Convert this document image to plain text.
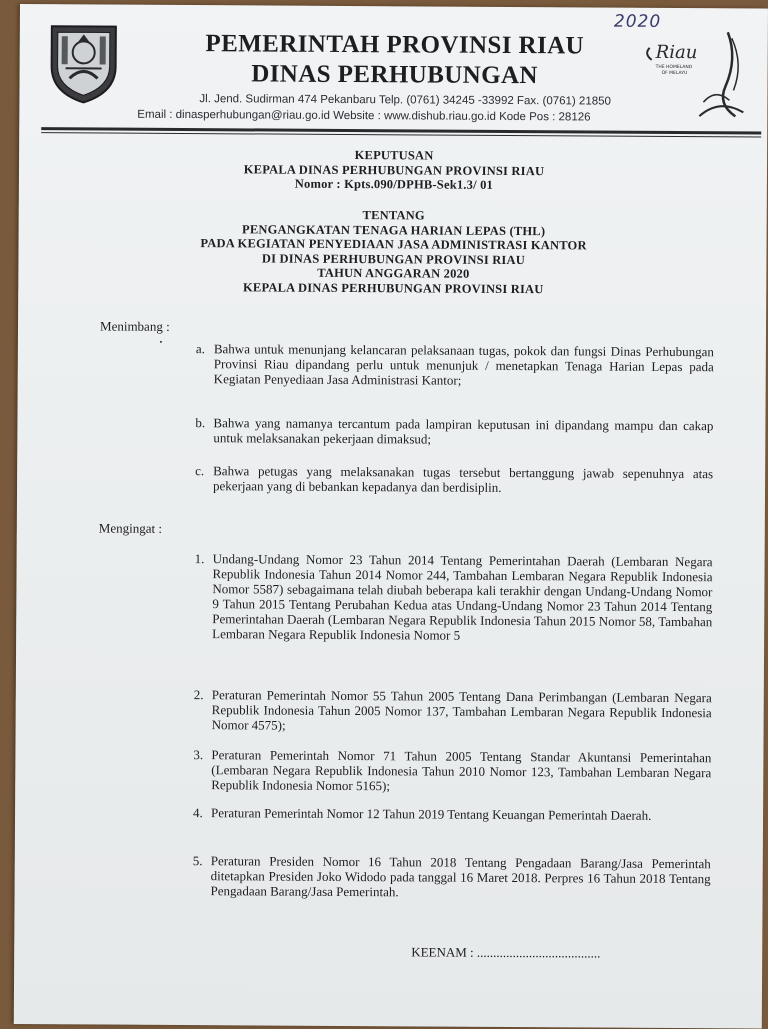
2020
PEMERINTAH PROVINSI RIAU
DINAS PERHUBUNGAN
Jl. Jend. Sudirman 474 Pekanbaru Telp. (0761) 34245 -33992 Fax. (0761) 21850
Email : dinasperhubungan@riau.go.id Website : www.dishub.riau.go.id Kode Pos : 28126
Riau
THE HOMELAND
OF MELAYU
KEPUTUSAN
KEPALA DINAS PERHUBUNGAN PROVINSI RIAU
Nomor : Kpts.090/DPHB-Sek1.3/ 01
TENTANG
PENGANGKATAN TENAGA HARIAN LEPAS (THL)
PADA KEGIATAN PENYEDIAAN JASA ADMINISTRASI KANTOR
DI DINAS PERHUBUNGAN PROVINSI RIAU
TAHUN ANGGARAN 2020
KEPALA DINAS PERHUBUNGAN PROVINSI RIAU
Menimbang :
a. Bahwa untuk menunjang kelancaran pelaksanaan tugas, pokok dan fungsi Dinas Perhubungan Provinsi Riau dipandang perlu untuk menunjuk / menetapkan Tenaga Harian Lepas pada Kegiatan Penyediaan Jasa Administrasi Kantor;
b. Bahwa yang namanya tercantum pada lampiran keputusan ini dipandang mampu dan cakap untuk melaksanakan pekerjaan dimaksud;
c. Bahwa petugas yang melaksanakan tugas tersebut bertanggung jawab sepenuhnya atas pekerjaan yang di bebankan kepadanya dan berdisiplin.
Mengingat :
1. Undang-Undang Nomor 23 Tahun 2014 Tentang Pemerintahan Daerah (Lembaran Negara Republik Indonesia Tahun 2014 Nomor 244, Tambahan Lembaran Negara Republik Indonesia Nomor 5587) sebagaimana telah diubah beberapa kali terakhir dengan Undang-Undang Nomor 9 Tahun 2015 Tentang Perubahan Kedua atas Undang-Undang Nomor 23 Tahun 2014 Tentang Pemerintahan Daerah (Lembaran Negara Republik Indonesia Tahun 2015 Nomor 58, Tambahan Lembaran Negara Republik Indonesia Nomor 5
2. Peraturan Pemerintah Nomor 55 Tahun 2005 Tentang Dana Perimbangan (Lembaran Negara Republik Indonesia Tahun 2005 Nomor 137, Tambahan Lembaran Negara Republik Indonesia Nomor 4575);
3. Peraturan Pemerintah Nomor 71 Tahun 2005 Tentang Standar Akuntansi Pemerintahan (Lembaran Negara Republik Indonesia Tahun 2010 Nomor 123, Tambahan Lembaran Negara Republik Indonesia Nomor 5165);
4. Peraturan Pemerintah Nomor 12 Tahun 2019 Tentang Keuangan Pemerintah Daerah.
5. Peraturan Presiden Nomor 16 Tahun 2018 Tentang Pengadaan Barang/Jasa Pemerintah ditetapkan Presiden Joko Widodo pada tanggal 16 Maret 2018. Perpres 16 Tahun 2018 Tentang Pengadaan Barang/Jasa Pemerintah.
KEENAM : ......................................
